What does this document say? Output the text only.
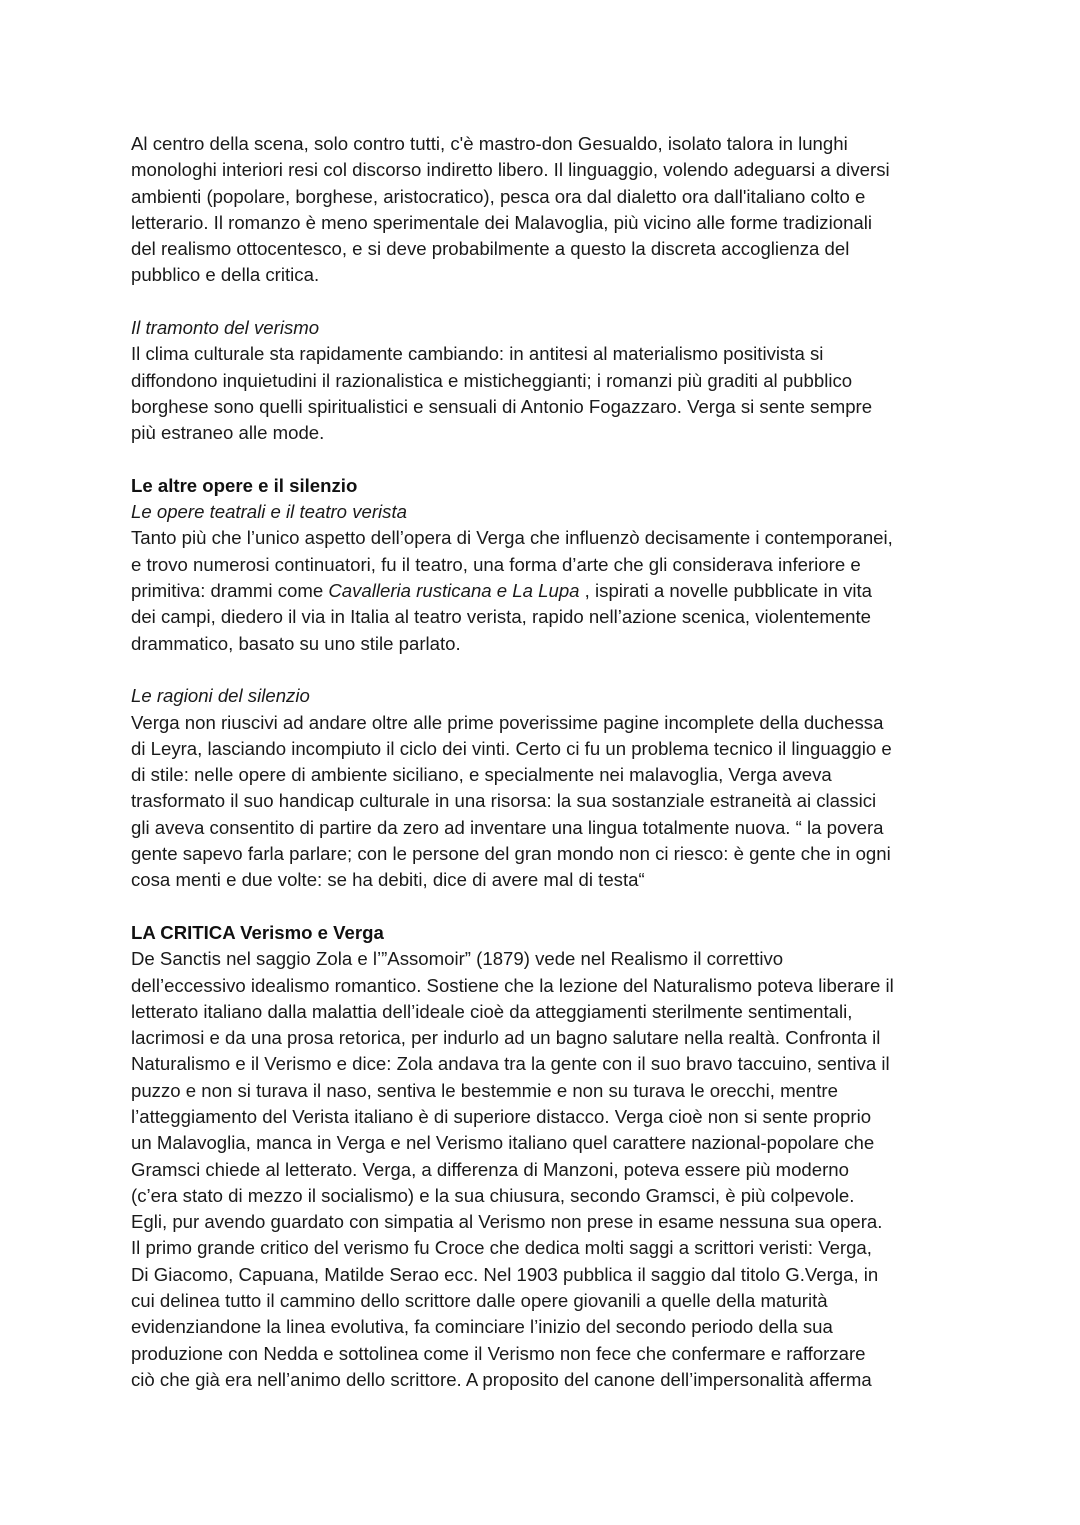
Al centro della scena, solo contro tutti, c'è mastro-don Gesualdo, isolato talora in lunghi
monologhi interiori resi col discorso indiretto libero. Il linguaggio, volendo adeguarsi a diversi
ambienti (popolare, borghese, aristocratico), pesca ora dal dialetto ora dall'italiano colto e
letterario. Il romanzo è meno sperimentale dei Malavoglia, più vicino alle forme tradizionali
del realismo ottocentesco, e si deve probabilmente a questo la discreta accoglienza del
pubblico e della critica.
Il tramonto del verismo
Il clima culturale sta rapidamente cambiando: in antitesi al materialismo positivista si
diffondono inquietudini il razionalistica e misticheggianti; i romanzi più graditi al pubblico
borghese sono quelli spiritualistici e sensuali di Antonio Fogazzaro. Verga si sente sempre
più estraneo alle mode.
Le altre opere e il silenzio
Le opere teatrali e il teatro verista
Tanto più che l’unico aspetto dell’opera di Verga che influenzò decisamente i contemporanei,
e trovo numerosi continuatori, fu il teatro, una forma d’arte che gli considerava inferiore e
primitiva: drammi come Cavalleria rusticana e La Lupa , ispirati a novelle pubblicate in vita
dei campi, diedero il via in Italia al teatro verista, rapido nell’azione scenica, violentemente
drammatico, basato su uno stile parlato.
Le ragioni del silenzio
Verga non riuscivi ad andare oltre alle prime poverissime pagine incomplete della duchessa
di Leyra, lasciando incompiuto il ciclo dei vinti. Certo ci fu un problema tecnico il linguaggio e
di stile: nelle opere di ambiente siciliano, e specialmente nei malavoglia, Verga aveva
trasformato il suo handicap culturale in una risorsa: la sua sostanziale estraneità ai classici
gli aveva consentito di partire da zero ad inventare una lingua totalmente nuova. “ la povera
gente sapevo farla parlare; con le persone del gran mondo non ci riesco: è gente che in ogni
cosa menti e due volte: se ha debiti, dice di avere mal di testa“
LA CRITICA Verismo e Verga
De Sanctis nel saggio Zola e l’”Assomoir” (1879) vede nel Realismo il correttivo
dell’eccessivo idealismo romantico. Sostiene che la lezione del Naturalismo poteva liberare il
letterato italiano dalla malattia dell’ideale cioè da atteggiamenti sterilmente sentimentali,
lacrimosi e da una prosa retorica, per indurlo ad un bagno salutare nella realtà. Confronta il
Naturalismo e il Verismo e dice: Zola andava tra la gente con il suo bravo taccuino, sentiva il
puzzo e non si turava il naso, sentiva le bestemmie e non su turava le orecchi, mentre
l’atteggiamento del Verista italiano è di superiore distacco. Verga cioè non si sente proprio
un Malavoglia, manca in Verga e nel Verismo italiano quel carattere nazional-popolare che
Gramsci chiede al letterato. Verga, a differenza di Manzoni, poteva essere più moderno
(c’era stato di mezzo il socialismo) e la sua chiusura, secondo Gramsci, è più colpevole.
Egli, pur avendo guardato con simpatia al Verismo non prese in esame nessuna sua opera.
Il primo grande critico del verismo fu Croce che dedica molti saggi a scrittori veristi: Verga,
Di Giacomo, Capuana, Matilde Serao ecc. Nel 1903 pubblica il saggio dal titolo G.Verga, in
cui delinea tutto il cammino dello scrittore dalle opere giovanili a quelle della maturità
evidenziandone la linea evolutiva, fa cominciare l’inizio del secondo periodo della sua
produzione con Nedda e sottolinea come il Verismo non fece che confermare e rafforzare
ciò che già era nell’animo dello scrittore. A proposito del canone dell’impersonalità afferma
